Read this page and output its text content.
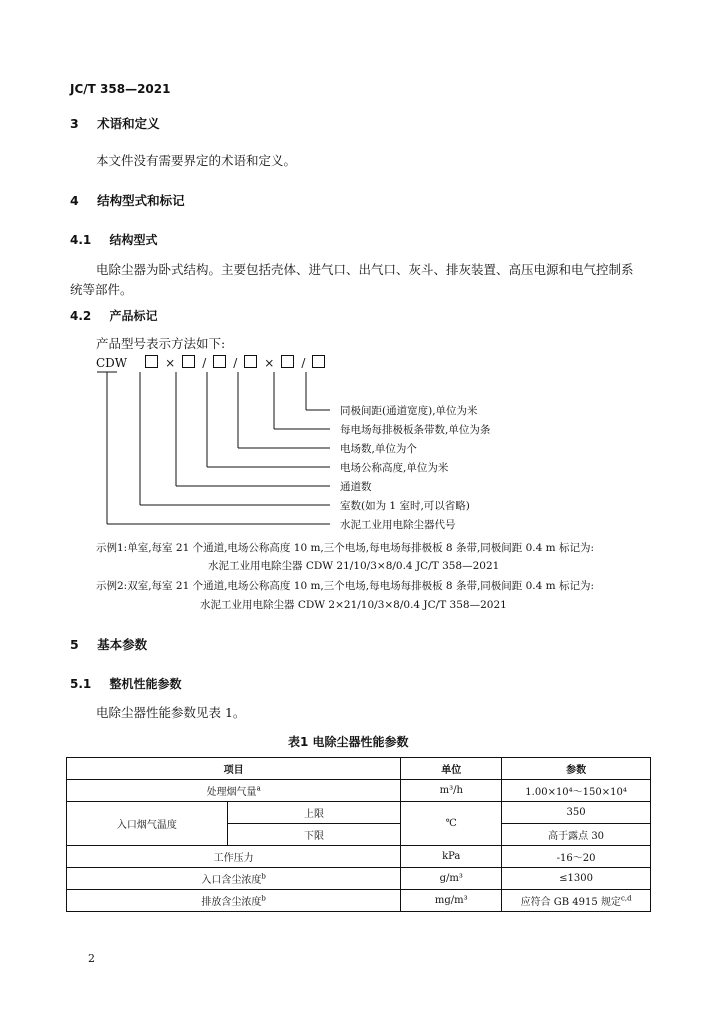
JC/T 358—2021
3 术语和定义
本文件没有需要界定的术语和定义。
4 结构型式和标记
4.1 结构型式
电除尘器为卧式结构。主要包括壳体、进气口、出气口、灰斗、排灰装置、高压电源和电气控制系
统等部件。
4.2 产品标记
产品型号表示方法如下:
CDW	× / / × /
同极间距(通道宽度),单位为米
每电场每排极板条带数,单位为条
电场数,单位为个
电场公称高度,单位为米
通道数
室数(如为 1 室时,可以省略)
水泥工业用电除尘器代号
示例1:单室,每室 21 个通道,电场公称高度 10 m,三个电场,每电场每排极板 8 条带,同极间距 0.4 m 标记为:
水泥工业用电除尘器 CDW 21/10/3×8/0.4 JC/T 358—2021
示例2:双室,每室 21 个通道,电场公称高度 10 m,三个电场,每电场每排极板 8 条带,同极间距 0.4 m 标记为:
水泥工业用电除尘器 CDW 2×21/10/3×8/0.4 JC/T 358—2021
5 基本参数
5.1 整机性能参数
电除尘器性能参数见表 1。
表1 电除尘器性能参数
项目		单位	参数
处理烟气量$^a$		m³/h	1.00×10⁴～150×10⁴
入口烟气温度	上限	℃	350
	下限		高于露点 30
工作压力		kPa	-16～20
入口含尘浓度$^b$		g/m³	≤1300
排放含尘浓度$^b$		mg/m³	应符合 GB 4915 规定$^{c,d}$
2
